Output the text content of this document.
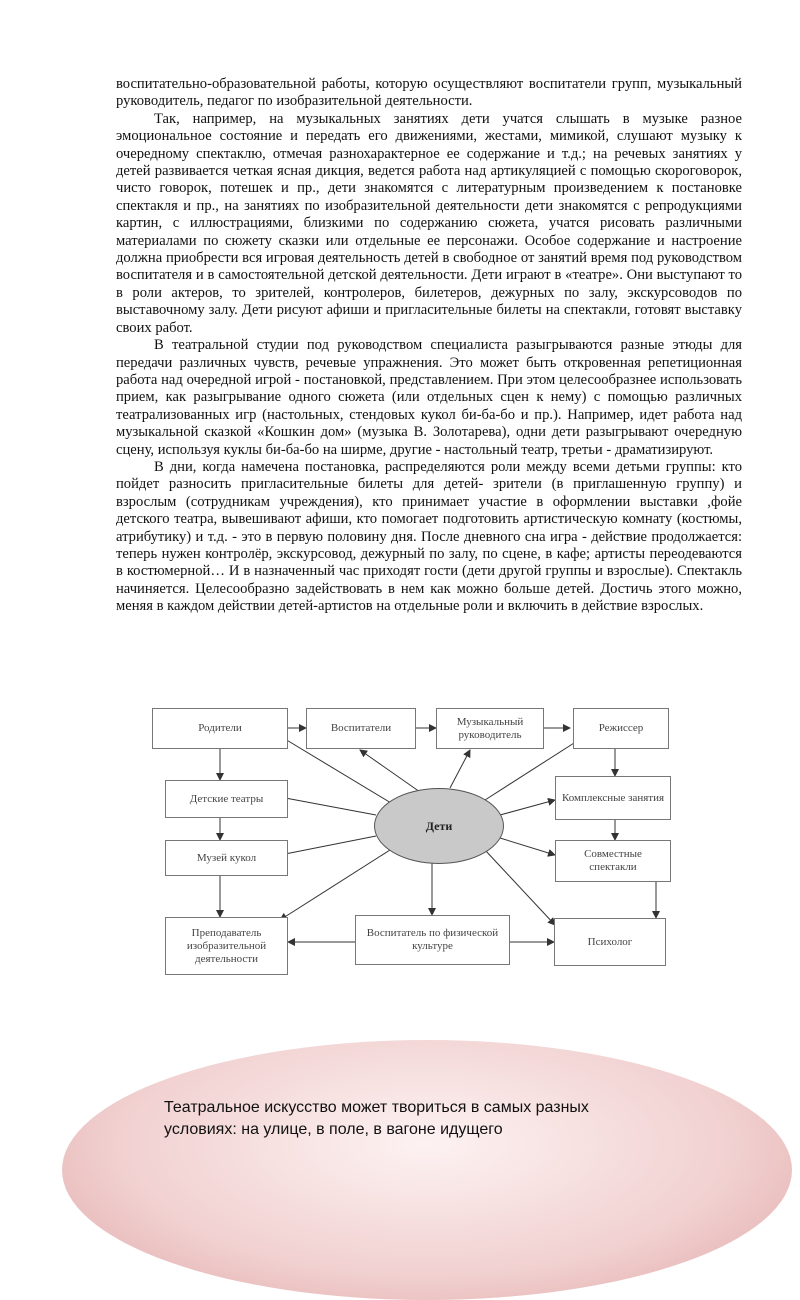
воспитательно-образовательной работы, которую осуществляют воспитатели групп, музыкальный руководитель, педагог по изобразительной деятельности.

Так, например, на музыкальных занятиях дети учатся слышать в музыке разное эмоциональное состояние и передать его движениями, жестами, мимикой, слушают музыку к очередному спектаклю, отмечая разнохарактерное ее содержание и т.д.; на речевых занятиях у детей развивается четкая ясная дикция, ведется работа над артикуляцией с помощью скороговорок, чисто говорок, потешек и пр., дети знакомятся с литературным произведением к постановке спектакля и пр., на занятиях по изобразительной деятельности дети знакомятся с репродукциями картин, с иллюстрациями, близкими по содержанию сюжета, учатся рисовать различными материалами по сюжету сказки или отдельные ее персонажи. Особое содержание и настроение должна приобрести вся игровая деятельность детей в свободное от занятий время под руководством воспитателя и в самостоятельной детской деятельности. Дети играют в «театре». Они выступают то в роли актеров, то зрителей, контролеров, билетеров, дежурных по залу, экскурсоводов по выставочному залу. Дети рисуют афиши и пригласительные билеты на спектакли, готовят выставку своих работ.

В театральной студии под руководством специалиста разыгрываются разные этюды для передачи различных чувств, речевые упражнения. Это может быть откровенная репетиционная работа над очередной игрой - постановкой, представлением. При этом целесообразнее использовать прием, как разыгрывание одного сюжета (или отдельных сцен к нему) с помощью различных театрализованных игр (настольных, стендовых кукол би-ба-бо и пр.). Например, идет работа над музыкальной сказкой «Кошкин дом» (музыка В. Золотарева), одни дети разыгрывают очередную сцену, используя куклы би-ба-бо на ширме, другие - настольный театр, третьи - драматизируют.

В дни, когда намечена постановка, распределяются роли между всеми детьми группы: кто пойдет разносить пригласительные билеты для детей- зрители (в приглашенную группу) и взрослым (сотрудникам учреждения), кто принимает участие в оформлении выставки ,фойе детского театра, вывешивают афиши, кто помогает подготовить артистическую комнату (костюмы, атрибутику) и т.д. - это в первую половину дня. После дневного сна игра - действие продолжается: теперь нужен контролёр, экскурсовод, дежурный по залу, по сцене, в кафе; артисты переодеваются в костюмерной… И в назначенный час приходят гости (дети другой группы и взрослые). Спектакль начиняется. Целесообразно задействовать в нем как можно больше детей. Достичь этого можно, меняя в каждом действии детей-артистов на отдельные роли и включить в действие взрослых.

Родители	Воспитатели
Музыкальный руководитель
Режиссер
Детские театры
Музей кукол
Комплексные занятия
Совместные спектакли
Преподаватель изобразительной деятельности
Воспитатель по физической культуре	Психолог
Дети
Театральное искусство может твориться в самых разных условиях: на улице, в поле, в вагоне идущего
